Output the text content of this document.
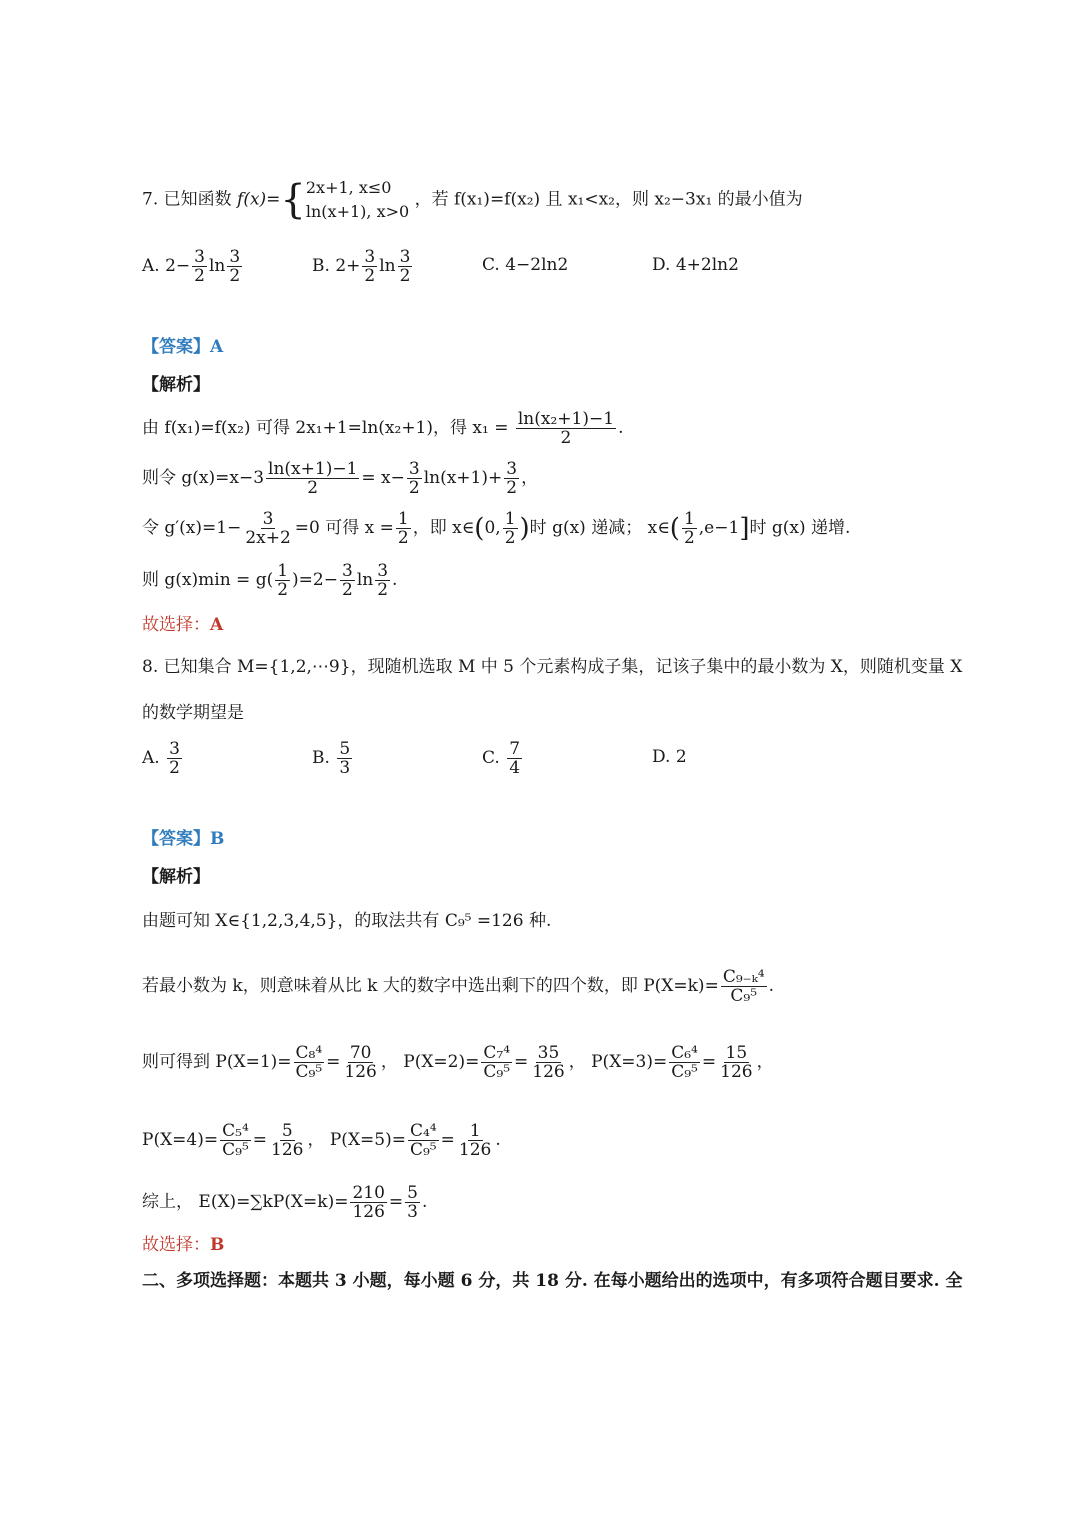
7. 已知函数 f(x)={ 2x+1, x≤0
ln(x+1), x>0
，若 f(x₁)=f(x₂) 且 x₁<x₂，则 x₂−3x₁ 的最小值为
A. $2- \frac{3}{2}$ $\ln \frac{3}{2}$	B. $2+ \frac{3}{2}$ $\ln \frac{3}{2}$	C. 4−2ln2	D. 4+2ln2
【答案】A
【解析】
由 f(x₁)=f(x₂) 可得 2x₁+1=ln(x₂+1)，得 $x_1 = \frac{\text{ln(x₂+1)−1}}{2}$ .
则令 $g(x)=x-3 \frac{\ln(x+1)-1}{2} = x- \frac{3}{2} \ln(x+1)+ \frac{3}{2}$ ，
令 $g'(x)=1- \frac{3}{2x+2} =0$ 可得 $x = \frac{1}{2}$ ，即 x∈(0, $\frac{1}{2}$ )时 g(x) 递减； x∈( $\frac{1}{2} ,e-1$]时 g(x) 递增.
则 $g(x)\min = g( \frac{1}{2} )=2- \frac{3}{2}$ $\ln \frac{3}{2}$ .
故选择：A
8. 已知集合 M={1,2,⋯9}，现随机选取 M 中 5 个元素构成子集，记该子集中的最小数为 X，则随机变量 X
的数学期望是
A. $\frac{3}{2}$	B. $\frac{5}{3}$	C. $\frac{7}{4}$	D. 2
【答案】B
【解析】
由题可知 X∈{1,2,3,4,5}，的取法共有 C₉⁵ =126 种.
若最小数为 k，则意味着从比 k 大的数字中选出剩下的四个数，即 $P(X=k)= \frac{\text{C₉₋ₖ⁴}}{\text{C₉⁵}}$ .
则可得到 $P(X=1)= \frac{\text{C₈⁴}}{\text{C₉⁵}} = \frac{70}{126}$ ， $P(X=2)= \frac{\text{C₇⁴}}{\text{C₉⁵}} = \frac{35}{126}$ ， $P(X=3)= \frac{\text{C₆⁴}}{\text{C₉⁵}} = \frac{15}{126}$ ，
$P(X=4)= \frac{\text{C₅⁴}}{\text{C₉⁵}} = \frac{5}{126}$ ， $P(X=5)= \frac{\text{C₄⁴}}{\text{C₉⁵}} = \frac{1}{126}$ .
综上， $E(X)=\sum kP(X=k)= \frac{210}{126} = \frac{5}{3}$ .
故选择：B
二、多项选择题：本题共 3 小题，每小题 6 分，共 18 分. 在每小题给出的选项中，有多项符合题目要求. 全
